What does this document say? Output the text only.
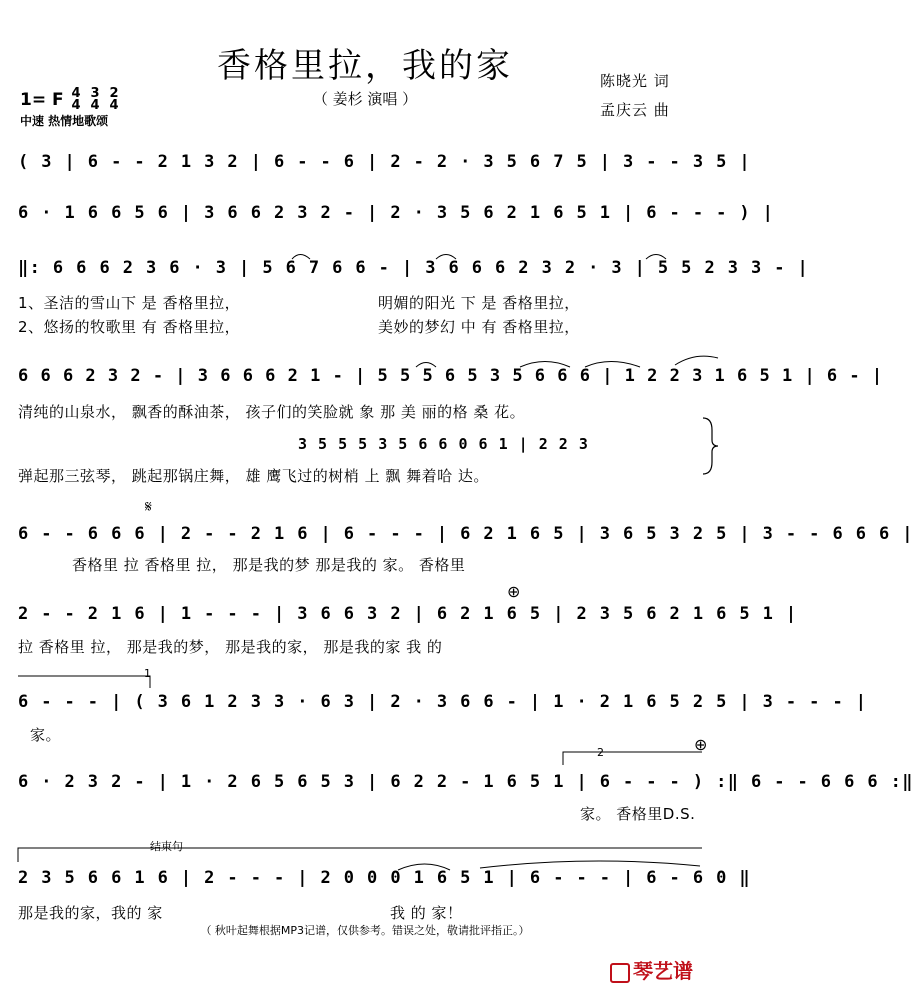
香格里拉，我的家
（ 姜杉 演唱 ）
陈晓光 词
孟庆云 曲
1= F 4
4

3
4

2
4
中速 热情地歌颂
( 3 | 6 - - 2 1 3 2 | 6 - - 6 | 2 - 2 · 3 5 6 7 5 | 3 - - 3 5 |
6 · 1 6 6 5 6 | 3 6 6 2 3 2 - | 2 · 3 5 6 2 1 6 5 1 | 6 - - - ) |
‖: 6 6 6 2 3 6 · 3 | 5 6 7 6 6 - | 3 6 6 6 2 3 2 · 3 | 5 5 2 3 3 - |
1、圣洁的雪山下 是 香格里拉，	明媚的阳光 下 是 香格里拉，
2、悠扬的牧歌里 有 香格里拉，	美妙的梦幻 中 有 香格里拉，
6 6 6 2 3 2 - | 3 6 6 6 2 1 - | 5 5 5 6 5 3 5 6 6 6 | 1 2 2 3 1 6 5 1 | 6 - |
清纯的山泉水， 飘香的酥油茶， 孩子们的笑脸就 象 那 美 丽的格 桑 花。
3 5 5 5 3 5 6 6 0 6 1 | 2 2 3
弹起那三弦琴， 跳起那锅庄舞， 雄 鹰飞过的树梢 上 飘 舞着哈 达。
𝄋
6 - - 6 6 6 | 2 - - 2 1 6 | 6 - - - | 6 2 1 6 5 | 3 6 5 3 2 5 | 3 - - 6 6 6 |
香格里 拉 香格里 拉， 那是我的梦 那是我的 家。 香格里
⊕
2 - - 2 1 6 | 1 - - - | 3 6 6 3 2 | 6 2 1 6 5 | 2 3 5 6 2 1 6 5 1 |
拉 香格里 拉， 那是我的梦， 那是我的家， 那是我的家 我 的
1
6 - - - | ( 3 6 1 2 3 3 · 6 3 | 2 · 3 6 6 - | 1 · 2 1 6 5 2 5 | 3 - - - |
家。
2	⊕
6 · 2 3 2 - | 1 · 2 6 5 6 5 3 | 6 2 2 - 1 6 5 1 | 6 - - - ) :‖ 6 - - 6 6 6 :‖
家。 香格里D.S.
结束句
2 3 5 6 6 1 6 | 2 - - - | 2 0 0 0 1 6 5 1 | 6 - - - | 6 - 6 0 ‖
那是我的家，我的 家	我 的 家！
（ 秋叶起舞根据MP3记谱，仅供参考。错误之处，敬请批评指正。）
琴艺谱
